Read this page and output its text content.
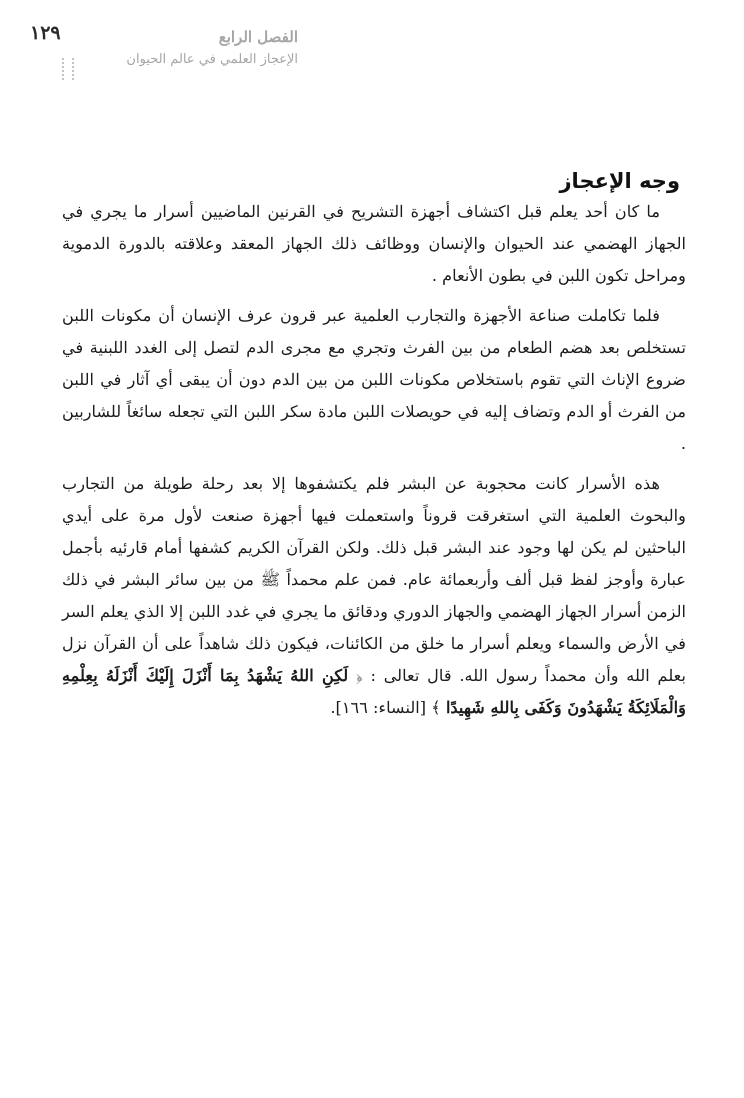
١٢٩	الفصل الرابع
الإعجاز العلمي في عالم الحيوان
وجه الإعجاز

ما كان أحد يعلم قبل اكتشاف أجهزة التشريح في القرنين الماضيين أسرار ما يجري في الجهاز الهضمي عند الحيوان والإنسان ووظائف ذلك الجهاز المعقد وعلاقته بالدورة الدموية ومراحل تكون اللبن في بطون الأنعام .

فلما تكاملت صناعة الأجهزة والتجارب العلمية عبر قرون عرف الإنسان أن مكونات اللبن تستخلص بعد هضم الطعام من بين الفرث وتجري مع مجرى الدم لتصل إلى الغدد اللبنية في ضروع الإناث التي تقوم باستخلاص مكونات اللبن من بين الدم دون أن يبقى أي آثار في اللبن من الفرث أو الدم وتضاف إليه في حويصلات اللبن مادة سكر اللبن التي تجعله سائغاً للشاربين .

هذه الأسرار كانت محجوبة عن البشر فلم يكتشفوها إلا بعد رحلة طويلة من التجارب والبحوث العلمية التي استغرقت قروناً واستعملت فيها أجهزة صنعت لأول مرة على أيدي الباحثين لم يكن لها وجود عند البشر قبل ذلك. ولكن القرآن الكريم كشفها أمام قارئيه بأجمل عبارة وأوجز لفظ قبل ألف وأربعمائة عام. فمن علم محمداً ﷺ من بين سائر البشر في ذلك الزمن أسرار الجهاز الهضمي والجهاز الدوري ودقائق ما يجري في غدد اللبن إلا الذي يعلم السر في الأرض والسماء ويعلم أسرار ما خلق من الكائنات، فيكون ذلك شاهداً على أن القرآن نزل بعلم الله وأن محمداً رسول الله. قال تعالى : ﴿ لَكِنِ اللهُ يَشْهَدُ بِمَا أَنْزَلَ إِلَيْكَ أَنْزَلَهُ بِعِلْمِهِ وَالْمَلَائِكَةُ يَشْهَدُونَ وَكَفَى بِاللهِ شَهِيدًا ﴾ [النساء: ١٦٦].
